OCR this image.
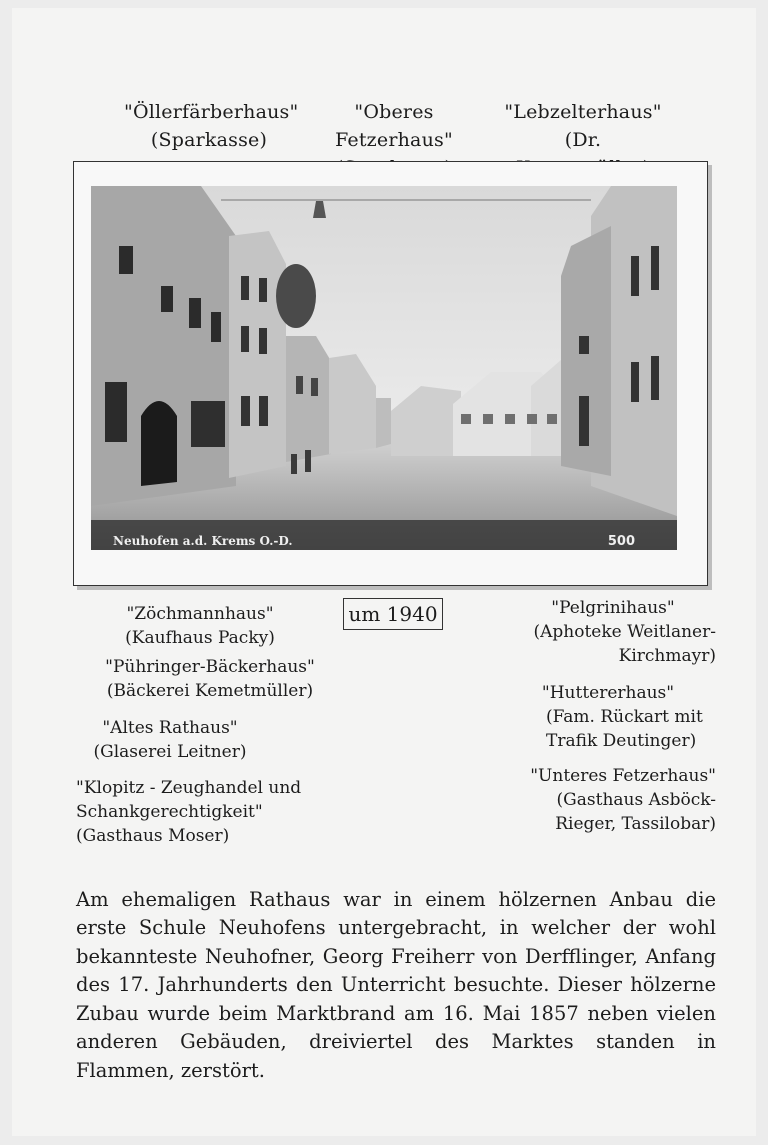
"Öllerfärberhaus"
(Sparkasse)
"Oberes Fetzerhaus"
"Lebzelterhaus"
(Dr.
Neuhofen a.d. Krems O.-D.	500
um 1940
"Zöchmannhaus"
(Kaufhaus Packy)
"Pühringer-Bäckerhaus"
(Bäckerei Kemetmüller)
"Altes Rathaus"
(Glaserei Leitner)
"Klopitz - Zeughandel und
Schankgerechtigkeit"
(Gasthaus Moser)
"Pelgrinihaus"
(Aphoteke Weitlaner-
Kirchmayr)
"Huttererhaus"
(Fam. Rückart mit
Trafik Deutinger)
"Unteres Fetzerhaus"
(Gasthaus Asböck-
Rieger, Tassilobar)

Am ehemaligen Rathaus war in einem hölzernen Anbau die erste Schule Neuhofens untergebracht, in welcher der wohl bekannteste Neuhofner, Georg Freiherr von Derfflinger, Anfang des 17. Jahrhunderts den Unterricht besuchte. Dieser hölzerne Zubau wurde beim Marktbrand am 16. Mai 1857 neben vielen anderen Gebäuden, dreiviertel des Marktes standen in Flammen, zerstört.
